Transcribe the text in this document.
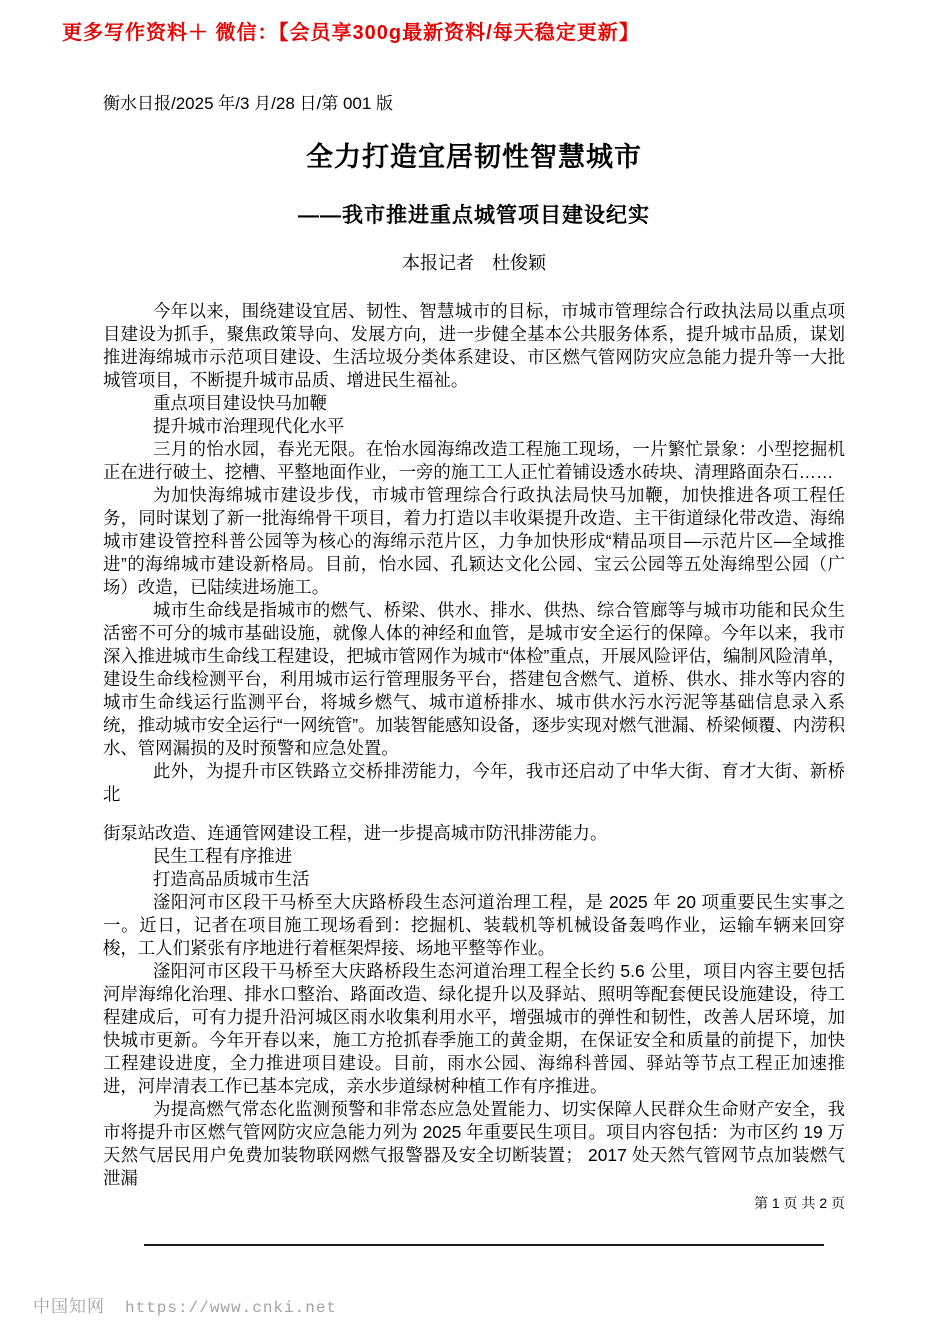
更多写作资料＋ 微信：【会员享300g最新资料/每天稳定更新】
衡水日报/2025 年/3 月/28 日/第 001 版
全力打造宜居韧性智慧城市
——我市推进重点城管项目建设纪实
本报记者　杜俊颖

今年以来，围绕建设宜居、韧性、智慧城市的目标，市城市管理综合行政执法局以重点项目建设为抓手，聚焦政策导向、发展方向，进一步健全基本公共服务体系，提升城市品质，谋划推进海绵城市示范项目建设、生活垃圾分类体系建设、市区燃气管网防灾应急能力提升等一大批城管项目，不断提升城市品质、增进民生福祉。

重点项目建设快马加鞭

提升城市治理现代化水平

三月的怡水园，春光无限。在怡水园海绵改造工程施工现场，一片繁忙景象：小型挖掘机正在进行破土、挖槽、平整地面作业，一旁的施工工人正忙着铺设透水砖块、清理路面杂石……

为加快海绵城市建设步伐，市城市管理综合行政执法局快马加鞭，加快推进各项工程任务，同时谋划了新一批海绵骨干项目，着力打造以丰收渠提升改造、主干街道绿化带改造、海绵城市建设管控科普公园等为核心的海绵示范片区，力争加快形成“精品项目—示范片区—全域推进”的海绵城市建设新格局。目前，怡水园、孔颖达文化公园、宝云公园等五处海绵型公园（广场）改造，已陆续进场施工。

城市生命线是指城市的燃气、桥梁、供水、排水、供热、综合管廊等与城市功能和民众生活密不可分的城市基础设施，就像人体的神经和血管，是城市安全运行的保障。今年以来，我市深入推进城市生命线工程建设，把城市管网作为城市“体检”重点，开展风险评估，编制风险清单，建设生命线检测平台，利用城市运行管理服务平台，搭建包含燃气、道桥、供水、排水等内容的城市生命线运行监测平台，将城乡燃气、城市道桥排水、城市供水污水污泥等基础信息录入系统，推动城市安全运行“一网统管”。加装智能感知设备，逐步实现对燃气泄漏、桥梁倾覆、内涝积水、管网漏损的及时预警和应急处置。

此外，为提升市区铁路立交桥排涝能力，今年，我市还启动了中华大街、育才大街、新桥北

街泵站改造、连通管网建设工程，进一步提高城市防汛排涝能力。

民生工程有序推进

打造高品质城市生活

滏阳河市区段干马桥至大庆路桥段生态河道治理工程，是 2025 年 20 项重要民生实事之一。近日，记者在项目施工现场看到：挖掘机、装载机等机械设备轰鸣作业，运输车辆来回穿梭，工人们紧张有序地进行着框架焊接、场地平整等作业。

滏阳河市区段干马桥至大庆路桥段生态河道治理工程全长约 5.6 公里，项目内容主要包括河岸海绵化治理、排水口整治、路面改造、绿化提升以及驿站、照明等配套便民设施建设，待工程建成后，可有力提升沿河城区雨水收集利用水平，增强城市的弹性和韧性，改善人居环境，加快城市更新。今年开春以来，施工方抢抓春季施工的黄金期，在保证安全和质量的前提下，加快工程建设进度，全力推进项目建设。目前，雨水公园、海绵科普园、驿站等节点工程正加速推进，河岸清表工作已基本完成，亲水步道绿树种植工作有序推进。

为提高燃气常态化监测预警和非常态应急处置能力、切实保障人民群众生命财产安全，我市将提升市区燃气管网防灾应急能力列为 2025 年重要民生项目。项目内容包括：为市区约 19 万天然气居民用户免费加装物联网燃气报警器及安全切断装置； 2017 处天然气管网节点加装燃气泄漏

第 1 页 共 2 页
中国知网 https://www.cnki.net
